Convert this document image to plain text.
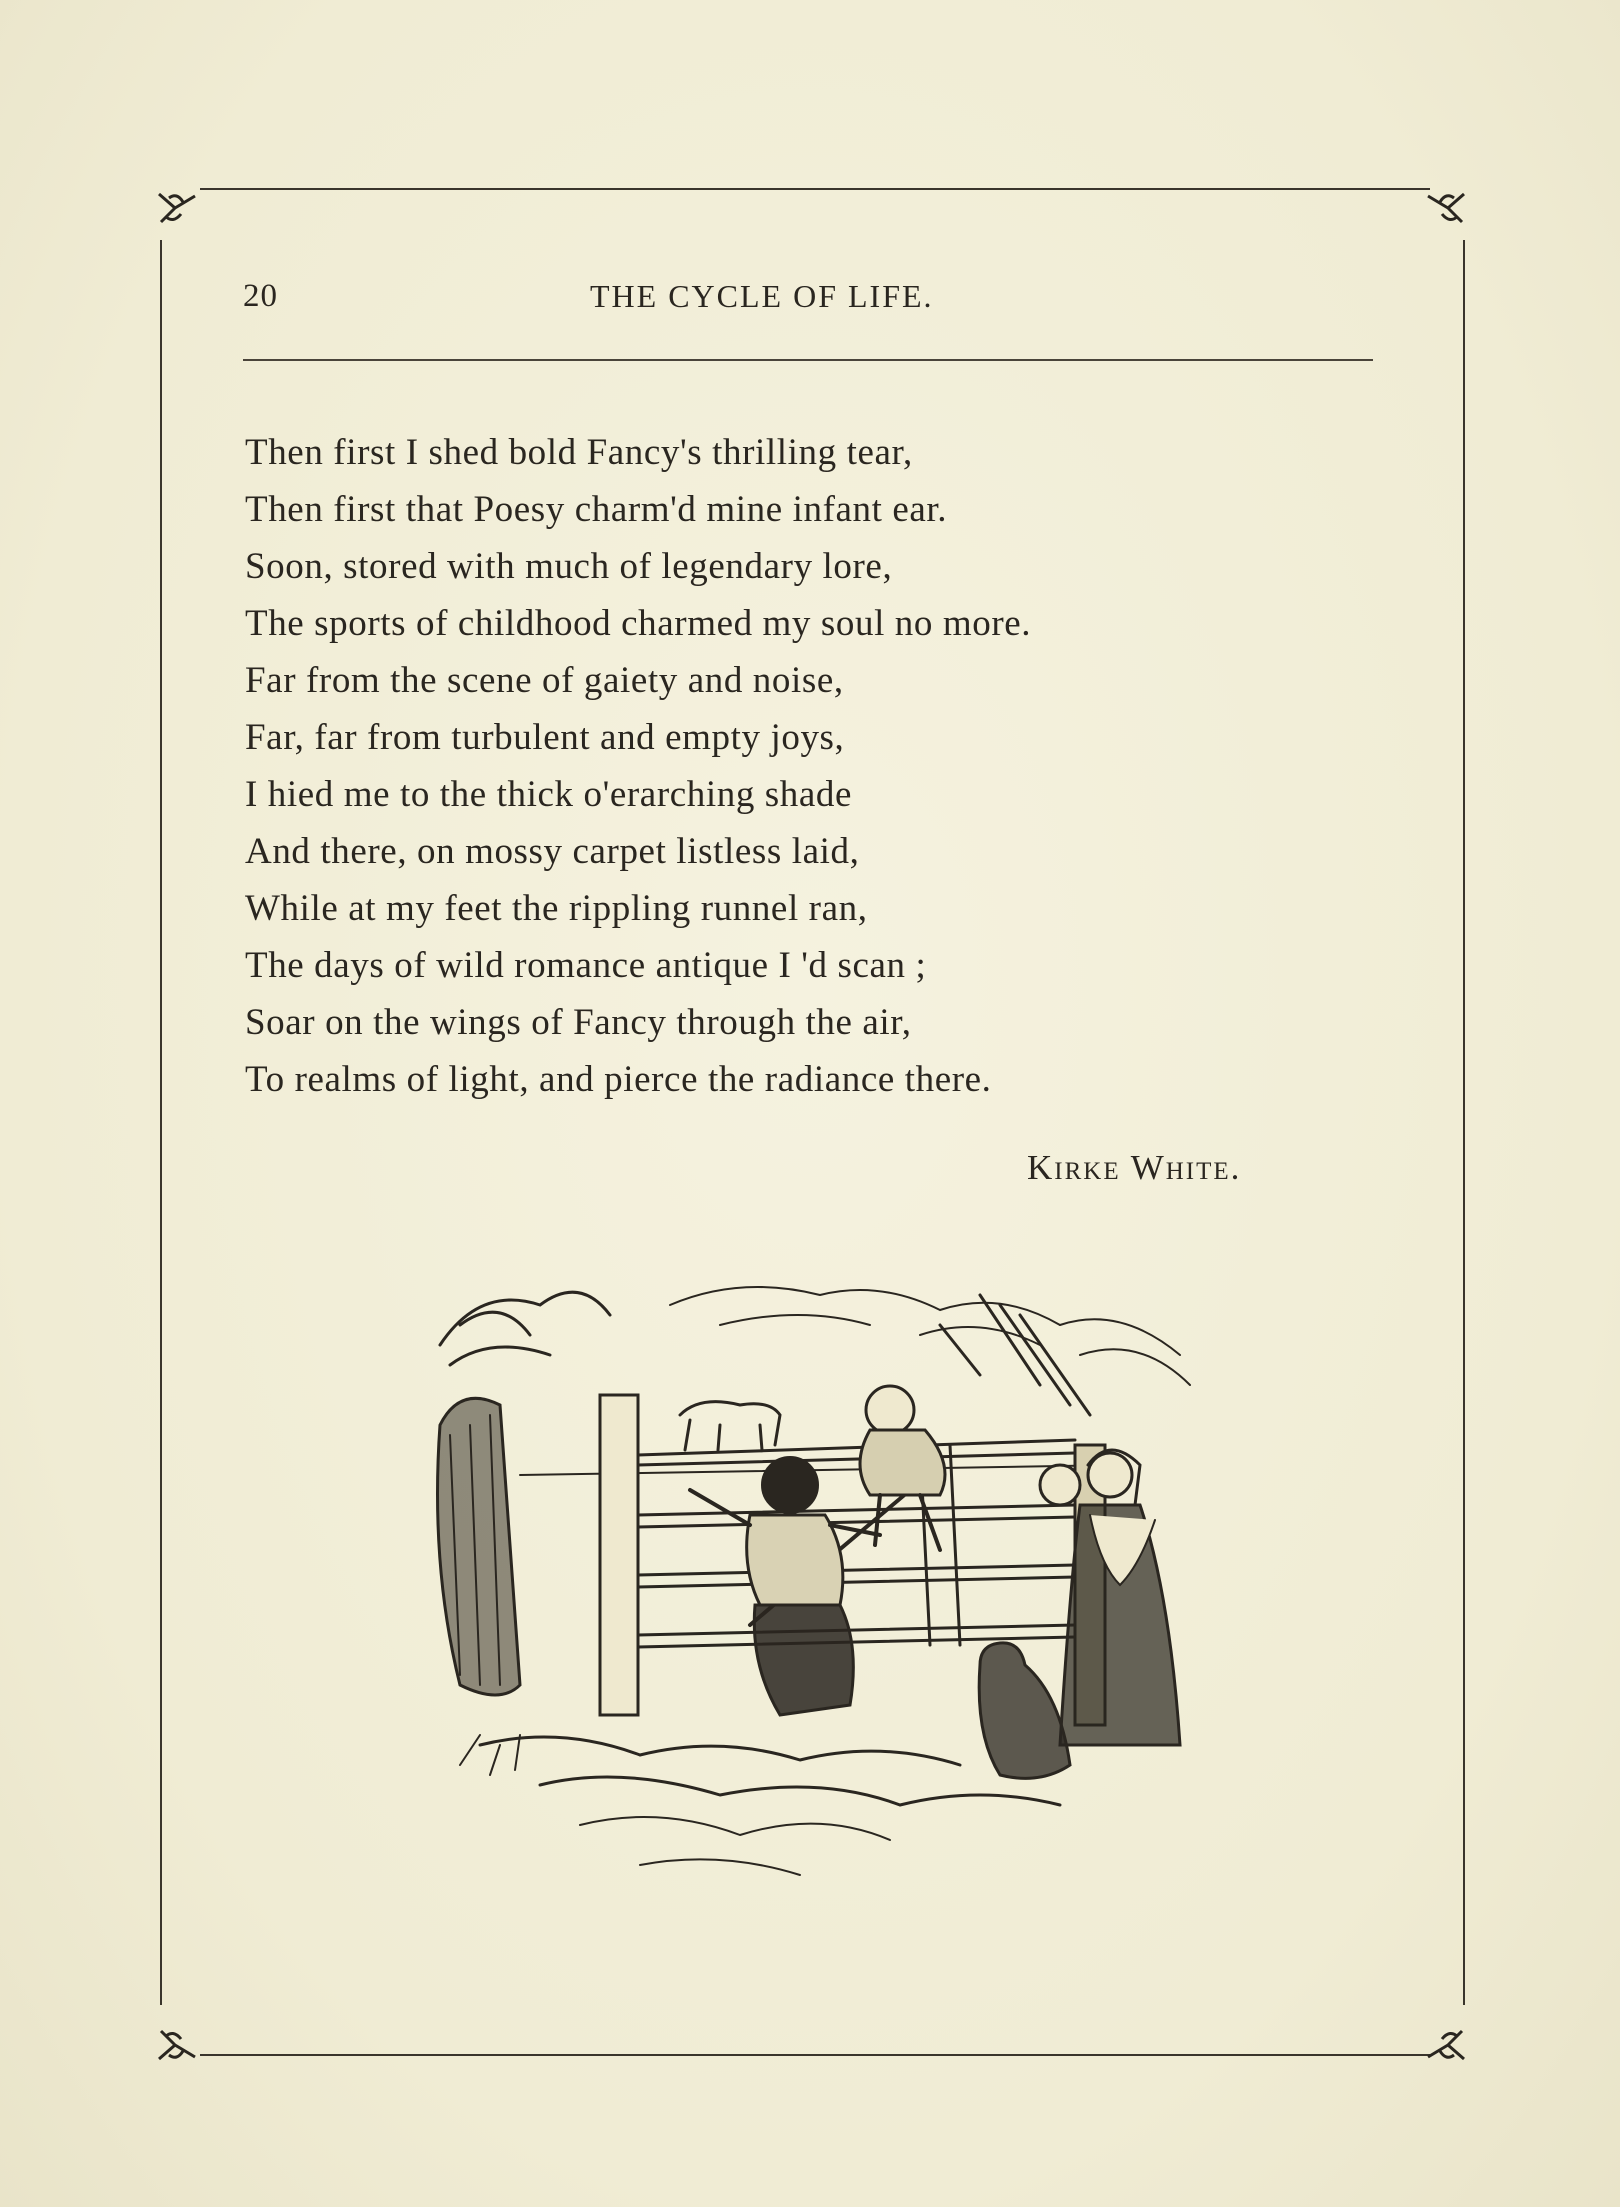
20	THE CYCLE OF LIFE.
Then first I shed bold Fancy's thrilling tear,
Then first that Poesy charm'd mine infant ear.
Soon, stored with much of legendary lore,
The sports of childhood charmed my soul no more.
Far from the scene of gaiety and noise,
Far, far from turbulent and empty joys,
I hied me to the thick o'erarching shade
And there, on mossy carpet listless laid,
While at my feet the rippling runnel ran,
The days of wild romance antique I 'd scan ;
Soar on the wings of Fancy through the air,
To realms of light, and pierce the radiance there.
Kirke White.
